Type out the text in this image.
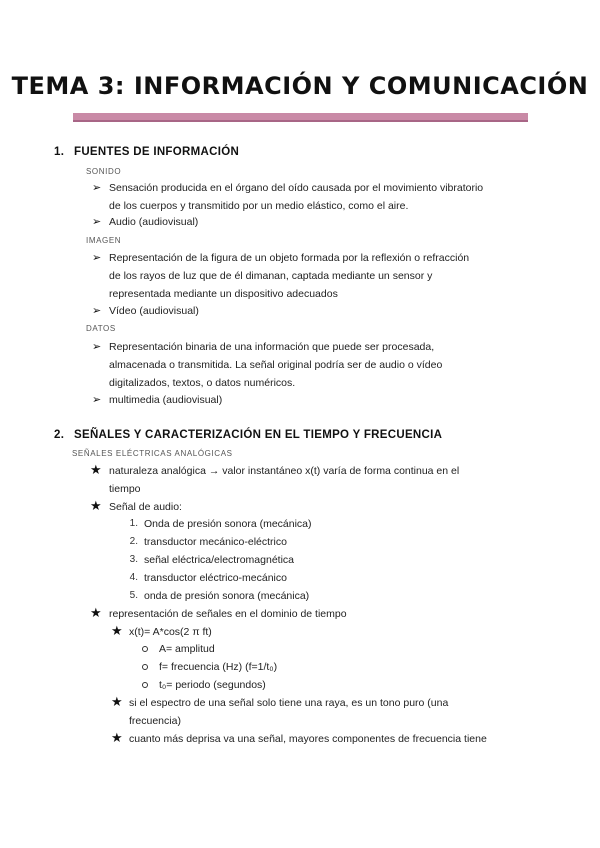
TEMA 3: INFORMACIÓN Y COMUNICACIÓN
1. FUENTES DE INFORMACIÓN
SONIDO
➢ Sensación producida en el órgano del oído causada por el movimiento vibratorio
de los cuerpos y transmitido por un medio elástico, como el aire.
➢ Audio (audiovisual)
IMAGEN
➢ Representación de la figura de un objeto formada por la reflexión o refracción
de los rayos de luz que de él dimanan, captada mediante un sensor y
representada mediante un dispositivo adecuados
➢ Vídeo (audiovisual)
DATOS
➢ Representación binaria de una información que puede ser procesada,
almacenada o transmitida. La señal original podría ser de audio o vídeo
digitalizados, textos, o datos numéricos.
➢ multimedia (audiovisual)
2. SEÑALES Y CARACTERIZACIÓN EN EL TIEMPO Y FRECUENCIA
SEÑALES ELÉCTRICAS ANALÓGICAS
★ naturaleza analógica → valor instantáneo x(t) varía de forma continua en el
tiempo
★ Señal de audio:
1. Onda de presión sonora (mecánica)
2. transductor mecánico-eléctrico
3. señal eléctrica/electromagnética
4. transductor eléctrico-mecánico
5. onda de presión sonora (mecánica)
★ representación de señales en el dominio de tiempo
★ x(t)= A*cos(2 π ft)
A= amplitud
f= frecuencia (Hz) (f=1/t₀)
t₀= periodo (segundos)
★ si el espectro de una señal solo tiene una raya, es un tono puro (una
frecuencia)
★ cuanto más deprisa va una señal, mayores componentes de frecuencia tiene
